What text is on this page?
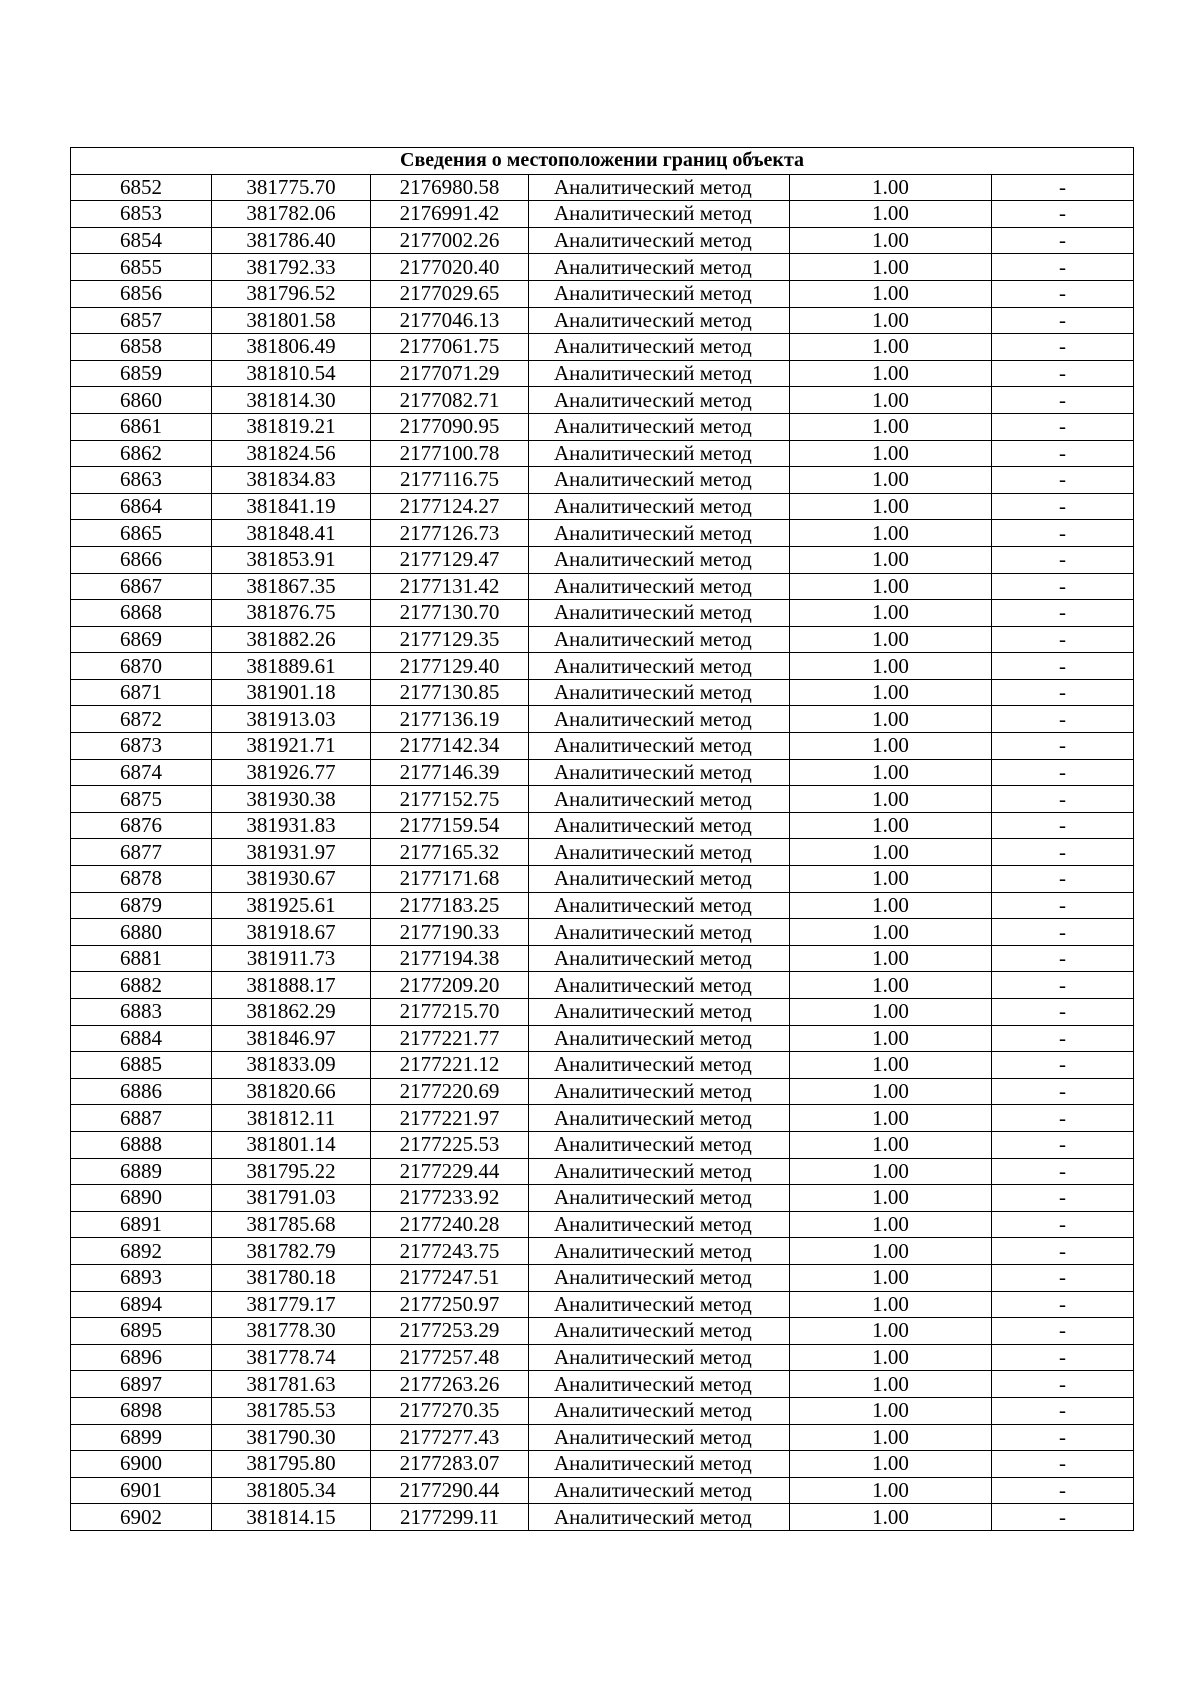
Сведения о местоположении границ объекта					
6852	381775.70	2176980.58	Аналитический метод	1.00	-
6853	381782.06	2176991.42	Аналитический метод	1.00	-
6854	381786.40	2177002.26	Аналитический метод	1.00	-
6855	381792.33	2177020.40	Аналитический метод	1.00	-
6856	381796.52	2177029.65	Аналитический метод	1.00	-
6857	381801.58	2177046.13	Аналитический метод	1.00	-
6858	381806.49	2177061.75	Аналитический метод	1.00	-
6859	381810.54	2177071.29	Аналитический метод	1.00	-
6860	381814.30	2177082.71	Аналитический метод	1.00	-
6861	381819.21	2177090.95	Аналитический метод	1.00	-
6862	381824.56	2177100.78	Аналитический метод	1.00	-
6863	381834.83	2177116.75	Аналитический метод	1.00	-
6864	381841.19	2177124.27	Аналитический метод	1.00	-
6865	381848.41	2177126.73	Аналитический метод	1.00	-
6866	381853.91	2177129.47	Аналитический метод	1.00	-
6867	381867.35	2177131.42	Аналитический метод	1.00	-
6868	381876.75	2177130.70	Аналитический метод	1.00	-
6869	381882.26	2177129.35	Аналитический метод	1.00	-
6870	381889.61	2177129.40	Аналитический метод	1.00	-
6871	381901.18	2177130.85	Аналитический метод	1.00	-
6872	381913.03	2177136.19	Аналитический метод	1.00	-
6873	381921.71	2177142.34	Аналитический метод	1.00	-
6874	381926.77	2177146.39	Аналитический метод	1.00	-
6875	381930.38	2177152.75	Аналитический метод	1.00	-
6876	381931.83	2177159.54	Аналитический метод	1.00	-
6877	381931.97	2177165.32	Аналитический метод	1.00	-
6878	381930.67	2177171.68	Аналитический метод	1.00	-
6879	381925.61	2177183.25	Аналитический метод	1.00	-
6880	381918.67	2177190.33	Аналитический метод	1.00	-
6881	381911.73	2177194.38	Аналитический метод	1.00	-
6882	381888.17	2177209.20	Аналитический метод	1.00	-
6883	381862.29	2177215.70	Аналитический метод	1.00	-
6884	381846.97	2177221.77	Аналитический метод	1.00	-
6885	381833.09	2177221.12	Аналитический метод	1.00	-
6886	381820.66	2177220.69	Аналитический метод	1.00	-
6887	381812.11	2177221.97	Аналитический метод	1.00	-
6888	381801.14	2177225.53	Аналитический метод	1.00	-
6889	381795.22	2177229.44	Аналитический метод	1.00	-
6890	381791.03	2177233.92	Аналитический метод	1.00	-
6891	381785.68	2177240.28	Аналитический метод	1.00	-
6892	381782.79	2177243.75	Аналитический метод	1.00	-
6893	381780.18	2177247.51	Аналитический метод	1.00	-
6894	381779.17	2177250.97	Аналитический метод	1.00	-
6895	381778.30	2177253.29	Аналитический метод	1.00	-
6896	381778.74	2177257.48	Аналитический метод	1.00	-
6897	381781.63	2177263.26	Аналитический метод	1.00	-
6898	381785.53	2177270.35	Аналитический метод	1.00	-
6899	381790.30	2177277.43	Аналитический метод	1.00	-
6900	381795.80	2177283.07	Аналитический метод	1.00	-
6901	381805.34	2177290.44	Аналитический метод	1.00	-
6902	381814.15	2177299.11	Аналитический метод	1.00	-
